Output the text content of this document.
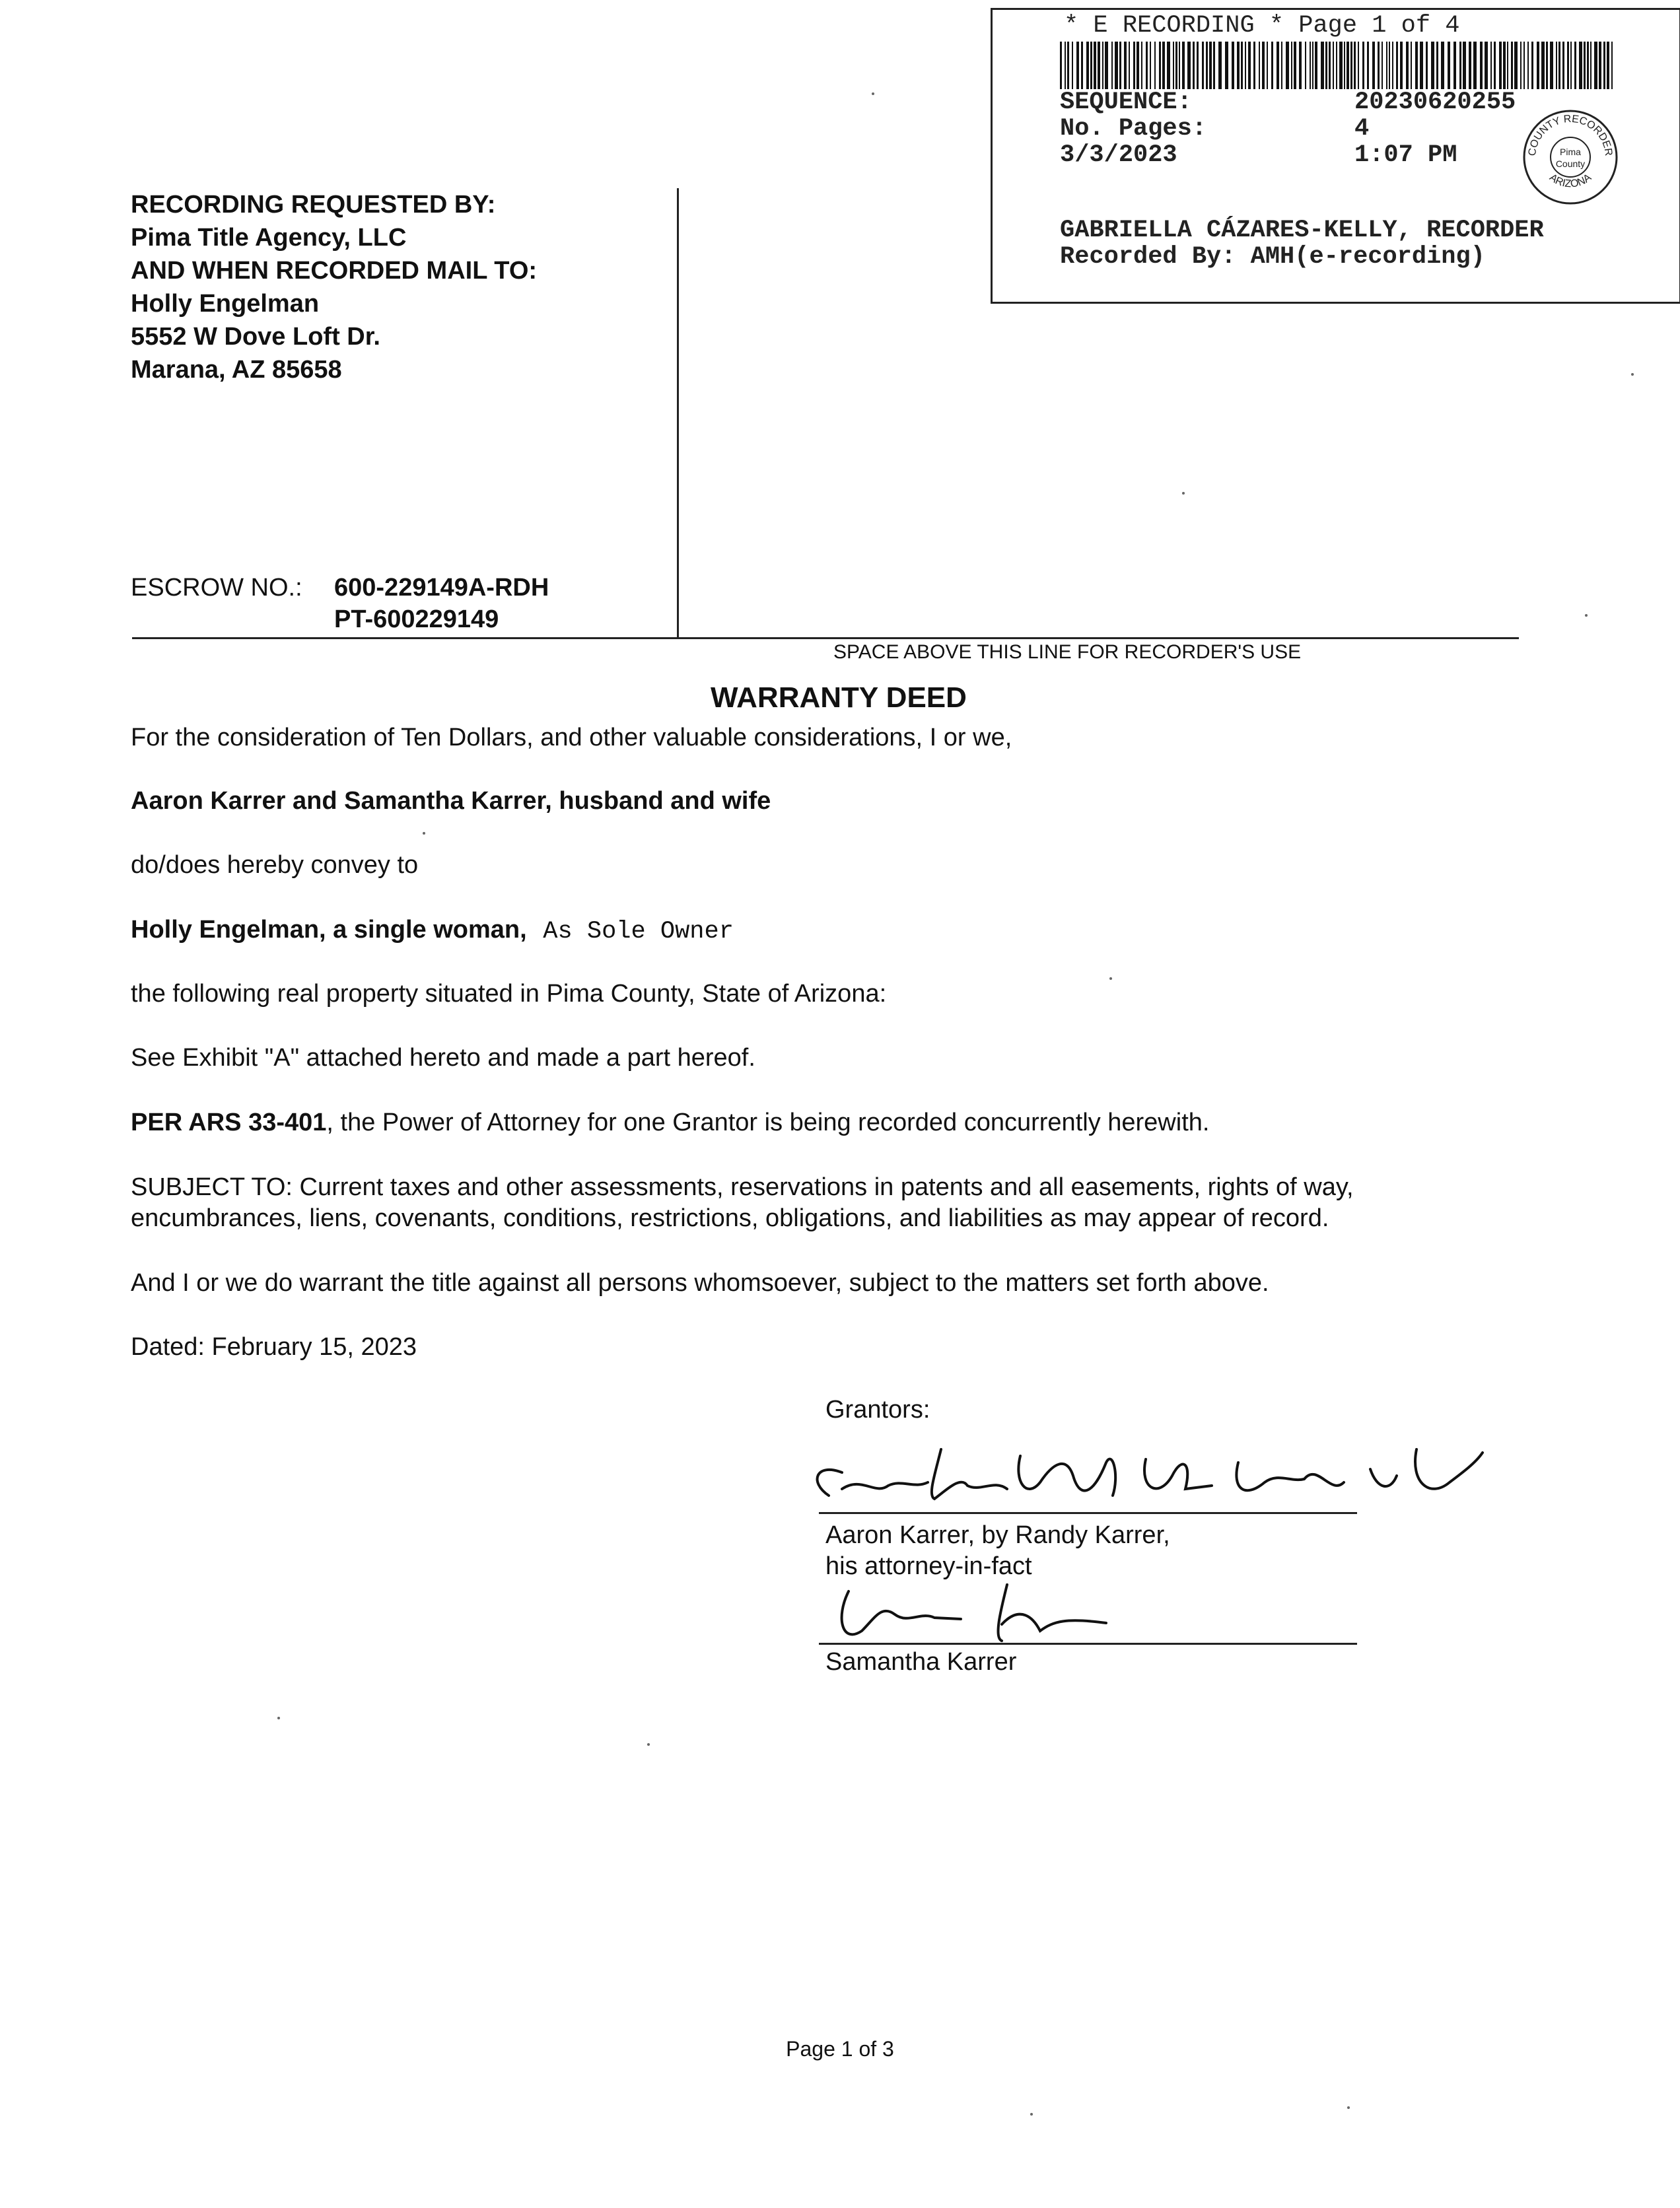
* E RECORDING * Page 1 of 4
SEQUENCE:	20230620255
No. Pages:	4
3/3/2023	1:07 PM	COUNTY RECORDER
ARIZONA
Pima
County
GABRIELLA CÁZARES-KELLY, RECORDER
Recorded By: AMH(e-recording)
RECORDING REQUESTED BY:
Pima Title Agency, LLC
AND WHEN RECORDED MAIL TO:
Holly Engelman
5552 W Dove Loft Dr.
Marana, AZ 85658
ESCROW NO.: 600-229149A-RDH
PT-600229149
SPACE ABOVE THIS LINE FOR RECORDER'S USE
WARRANTY DEED
For the consideration of Ten Dollars, and other valuable considerations, I or we,
Aaron Karrer and Samantha Karrer, husband and wife
do/does hereby convey to
Holly Engelman, a single woman, As Sole Owner
the following real property situated in Pima County, State of Arizona:
See Exhibit "A" attached hereto and made a part hereof.
PER ARS 33-401, the Power of Attorney for one Grantor is being recorded concurrently herewith.
SUBJECT TO: Current taxes and other assessments, reservations in patents and all easements, rights of way,
encumbrances, liens, covenants, conditions, restrictions, obligations, and liabilities as may appear of record.
And I or we do warrant the title against all persons whomsoever, subject to the matters set forth above.
Dated: February 15, 2023
Grantors:
Aaron Karrer, by Randy Karrer,
his attorney-in-fact
Samantha Karrer
Page 1 of 3
